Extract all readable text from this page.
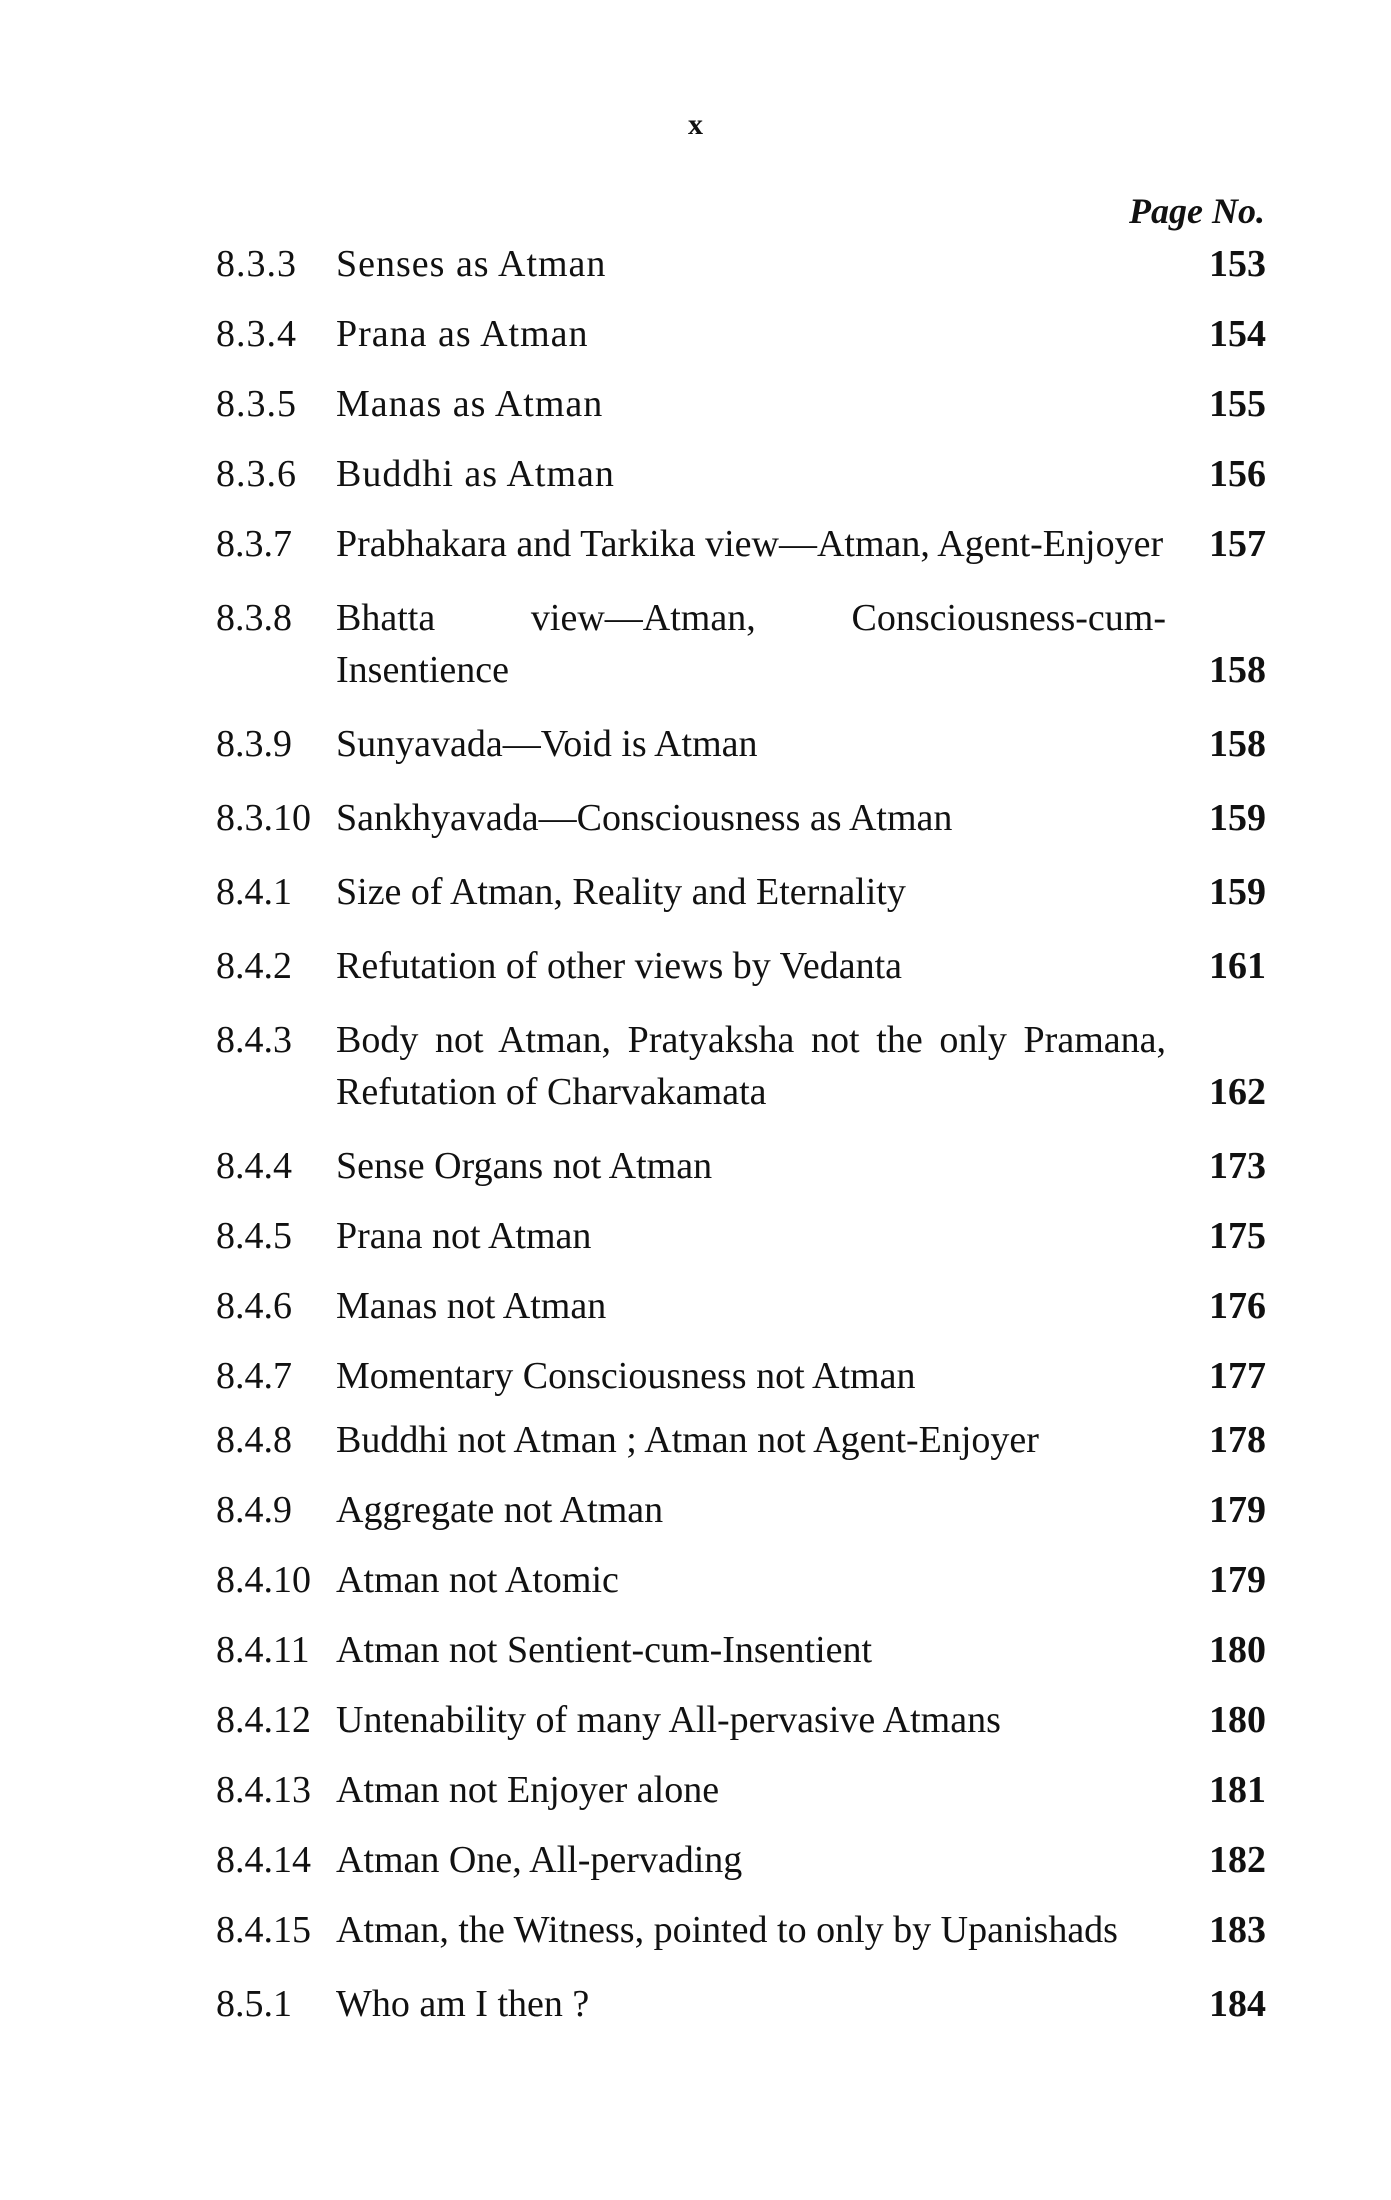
x
Page No.
8.3.3 Senses as Atman	153
8.3.4 Prana as Atman	154
8.3.5 Manas as Atman	155
8.3.6 Buddhi as Atman	156
8.3.7 Prabhakara and Tarkika view—Atman, Agent-Enjoyer 157
8.3.8 Bhatta view—Atman, Consciousness-cum-Insentience	158
8.3.9 Sunyavada—Void is Atman	158
8.3.10 Sankhyavada—Consciousness as Atman	159
8.4.1 Size of Atman, Reality and Eternality	159
8.4.2 Refutation of other views by Vedanta	161
8.4.3 Body not Atman, Pratyaksha not the only Pramana, Refutation of Charvakamata	162
8.4.4 Sense Organs not Atman	173
8.4.5 Prana not Atman	175
8.4.6 Manas not Atman	176
8.4.7 Momentary Consciousness not Atman	177
8.4.8 Buddhi not Atman ; Atman not Agent-Enjoyer	178
8.4.9 Aggregate not Atman	179
8.4.10 Atman not Atomic	179
8.4.11 Atman not Sentient-cum-Insentient	180
8.4.12 Untenability of many All-pervasive Atmans	180
8.4.13 Atman not Enjoyer alone	181
8.4.14 Atman One, All-pervading	182
8.4.15 Atman, the Witness, pointed to only by Upanishads	183
8.5.1 Who am I then ?	184
